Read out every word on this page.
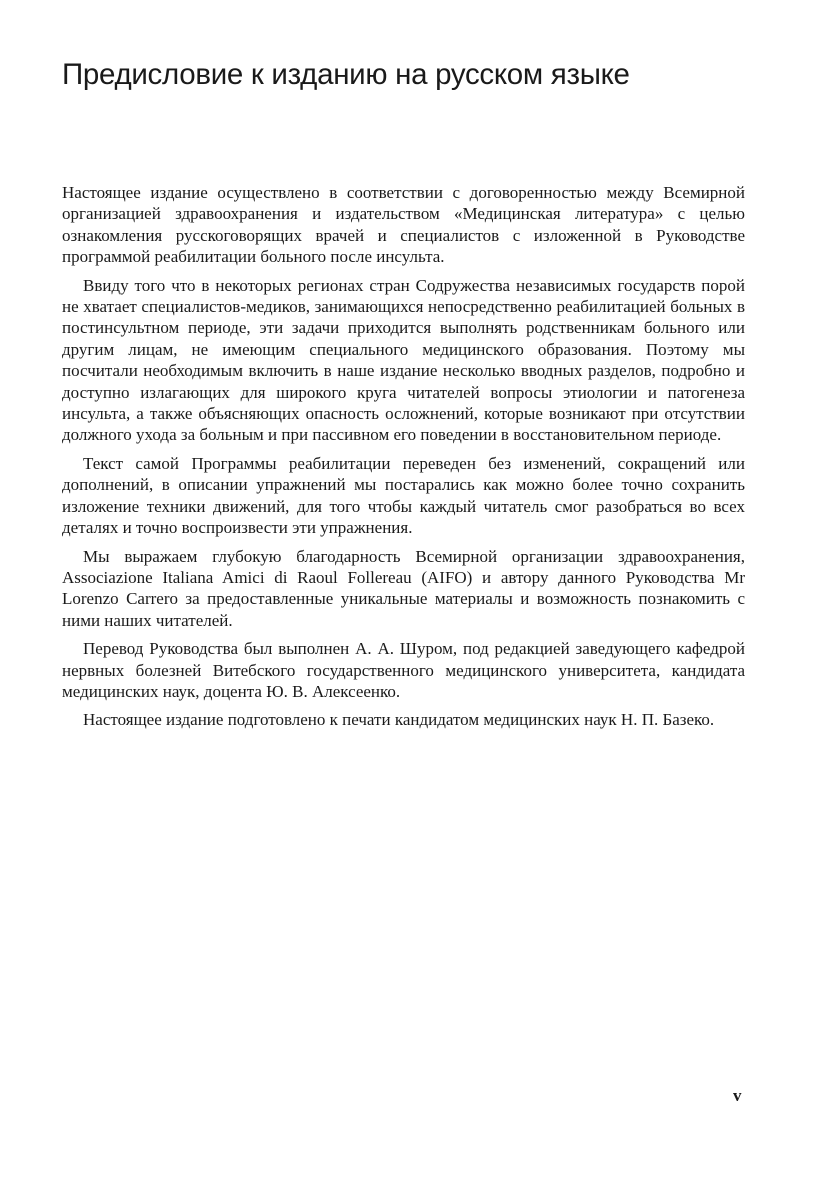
Предисловие к изданию на русском языке

Настоящее издание осуществлено в соответствии с договоренностью между Всемирной организацией здравоохранения и издательством «Медицинская литература» с целью ознакомления русскоговорящих врачей и специалистов с изложенной в Руководстве программой реабилитации больного после инсульта.

Ввиду того что в некоторых регионах стран Содружества независимых государств порой не хватает специалистов-медиков, занимающихся непосредственно реабилитацией больных в постинсультном периоде, эти задачи приходится выполнять родственникам больного или другим лицам, не имеющим специального медицинского образования. Поэтому мы посчитали необходимым включить в наше издание несколько вводных разделов, подробно и доступно излагающих для широкого круга читателей вопросы этиологии и патогенеза инсульта, а также объясняющих опасность осложнений, которые возникают при отсутствии должного ухода за больным и при пассивном его поведении в восстановительном периоде.

Текст самой Программы реабилитации переведен без изменений, сокращений или дополнений, в описании упражнений мы постарались как можно более точно сохранить изложение техники движений, для того чтобы каждый читатель смог разобраться во всех деталях и точно воспроизвести эти упражнения.

Мы выражаем глубокую благодарность Всемирной организации здравоохранения, Associazione Italiana Amici di Raoul Follereau (AIFO) и автору данного Руководства Mr Lorenzo Carrero за предоставленные уникальные материалы и возможность познакомить с ними наших читателей.

Перевод Руководства был выполнен А. А. Шуром, под редакцией заведующего кафедрой нервных болезней Витебского государственного медицинского университета, кандидата медицинских наук, доцента Ю. В. Алексеенко.

Настоящее издание подготовлено к печати кандидатом медицинских наук Н. П. Базеко.

v
